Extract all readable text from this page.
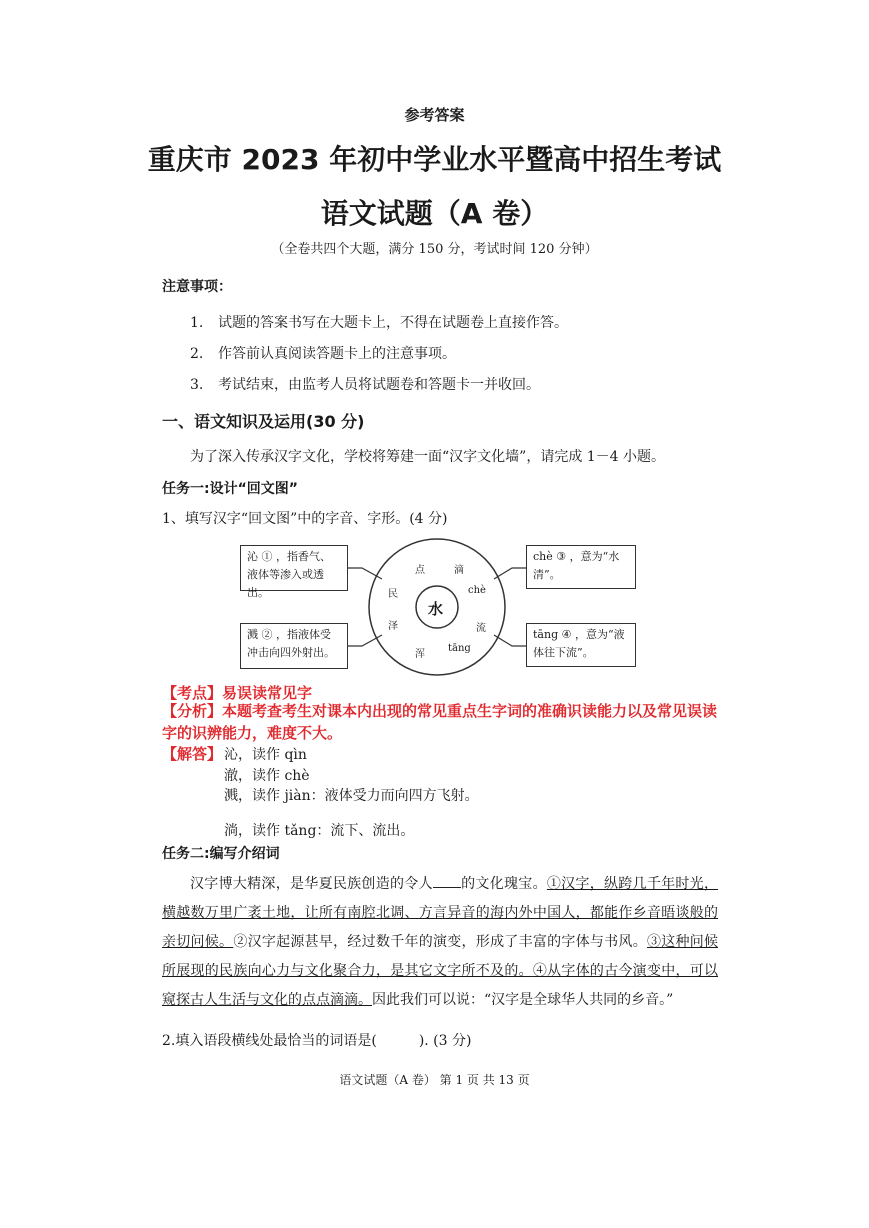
参考答案
重庆市 2023 年初中学业水平暨高中招生考试
语文试题（A 卷）
（全卷共四个大题，满分 150 分，考试时间 120 分钟）
注意事项：
1. 试题的答案书写在大题卡上，不得在试题卷上直接作答。
2. 作答前认真阅读答题卡上的注意事项。
3. 考试结束，由监考人员将试题卷和答题卡一并收回。
一、语文知识及运用(30 分)
为了深入传承汉字文化，学校将筹建一面“汉字文化墙”，请完成 1－4 小题。
任务一:设计“回文图”
1、填写汉字“回文图”中的字音、字形。(4 分)
沁 ① ，指香气、液体等渗入或透出。
溅 ② ，指液体受冲击向四外射出。
chè ③ ，意为“水清”。
tāng ④ ，意为“液体往下流”。
水
点	滴
民
泽
浑
流
chè
tāng
【考点】易误读常见字
【分析】本题考查考生对课本内出现的常见重点生字词的准确识读能力以及常见误读字的识辨能力，难度不大。
【解答】 沁，读作 qìn
澈，读作 chè
溅，读作 jiàn：液体受力而向四方飞射。
淌，读作 tǎng：流下、流出。
任务二:编写介绍词
汉字博大精深，是华夏民族创造的令人 的文化瑰宝。①汉字，纵跨几千年时光，横越数万里广袤土地，让所有南腔北调、方言异音的海内外中国人，都能作乡音晤谈般的亲切问候。②汉字起源甚早，经过数千年的演变，形成了丰富的字体与书风。③这种问候所展现的民族向心力与文化聚合力，是其它文字所不及的。④从字体的古今演变中，可以窥探古人生活与文化的点点滴滴。因此我们可以说：“汉字是全球华人共同的乡音。”
2.填入语段横线处最恰当的词语是(　　　). (3 分)
语文试题（A 卷） 第 1 页 共 13 页
